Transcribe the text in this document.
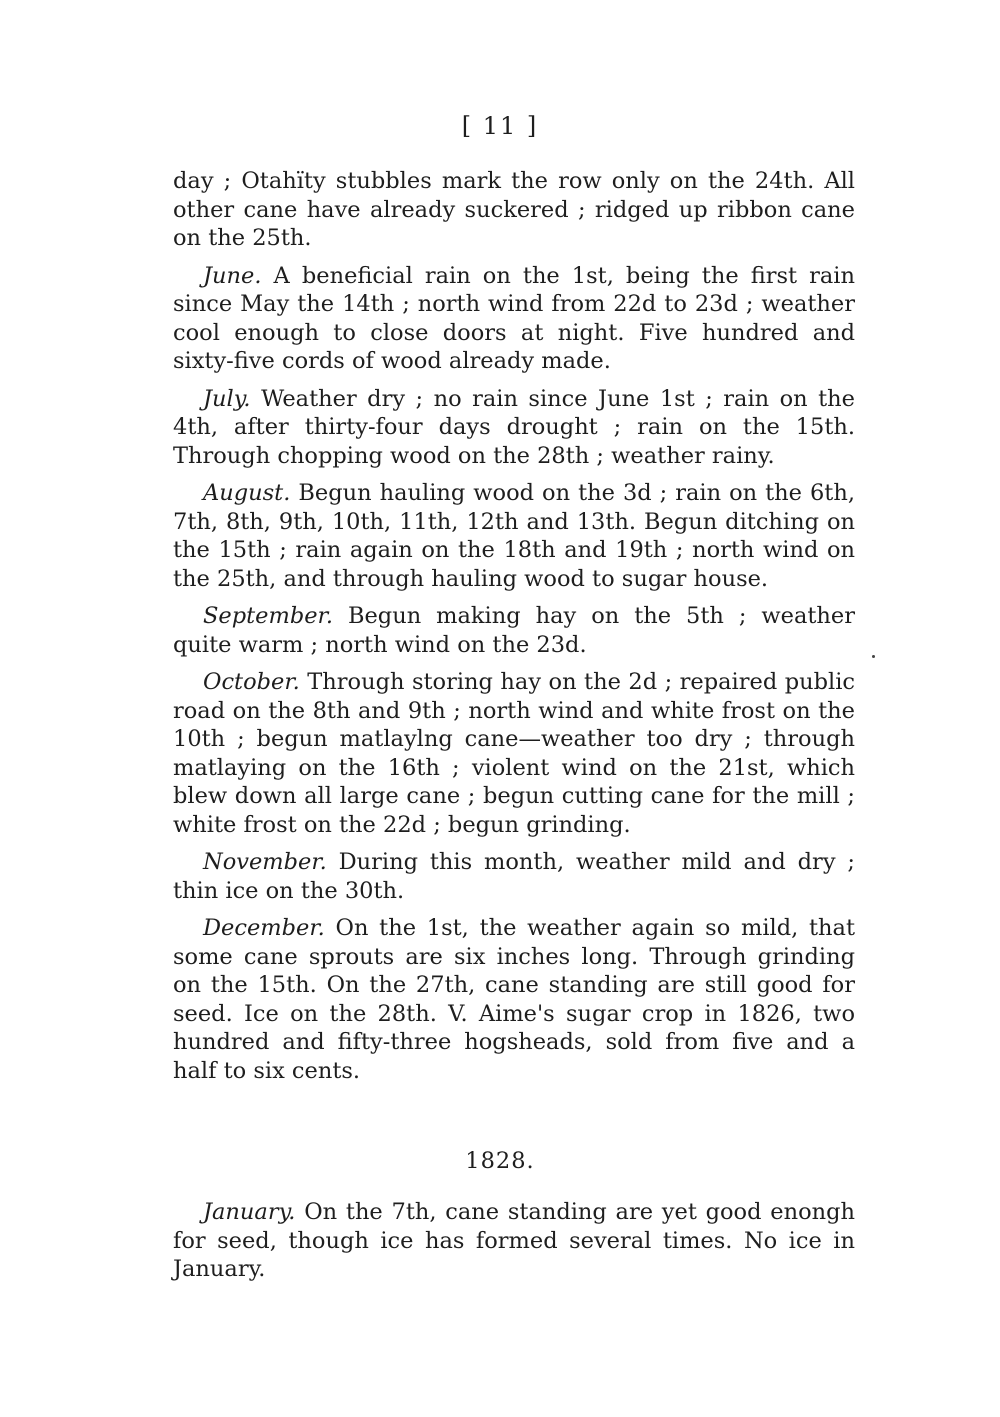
[ 11 ]

day ; Otahïty stubbles mark the row only on the 24th. All other cane have already suckered ; ridged up ribbon cane on the 25th.

June. A beneficial rain on the 1st, being the first rain since May the 14th ; north wind from 22d to 23d ; weather cool enough to close doors at night. Five hundred and sixty-five cords of wood already made.

July. Weather dry ; no rain since June 1st ; rain on the 4th, after thirty-four days drought ; rain on the 15th. Through chopping wood on the 28th ; weather rainy.

August. Begun hauling wood on the 3d ; rain on the 6th, 7th, 8th, 9th, 10th, 11th, 12th and 13th. Begun ditching on the 15th ; rain again on the 18th and 19th ; north wind on the 25th, and through hauling wood to sugar house.

September. Begun making hay on the 5th ; weather quite warm ; north wind on the 23d.

October. Through storing hay on the 2d ; repaired public road on the 8th and 9th ; north wind and white frost on the 10th ; begun matlaylng cane—weather too dry ; through matlaying on the 16th ; violent wind on the 21st, which blew down all large cane ; begun cutting cane for the mill ; white frost on the 22d ; begun grinding.

November. During this month, weather mild and dry ; thin ice on the 30th.

December. On the 1st, the weather again so mild, that some cane sprouts are six inches long. Through grinding on the 15th. On the 27th, cane standing are still good for seed. Ice on the 28th. V. Aime's sugar crop in 1826, two hundred and fifty-three hogsheads, sold from five and a half to six cents.

1828.

January. On the 7th, cane standing are yet good enongh for seed, though ice has formed several times. No ice in January.
